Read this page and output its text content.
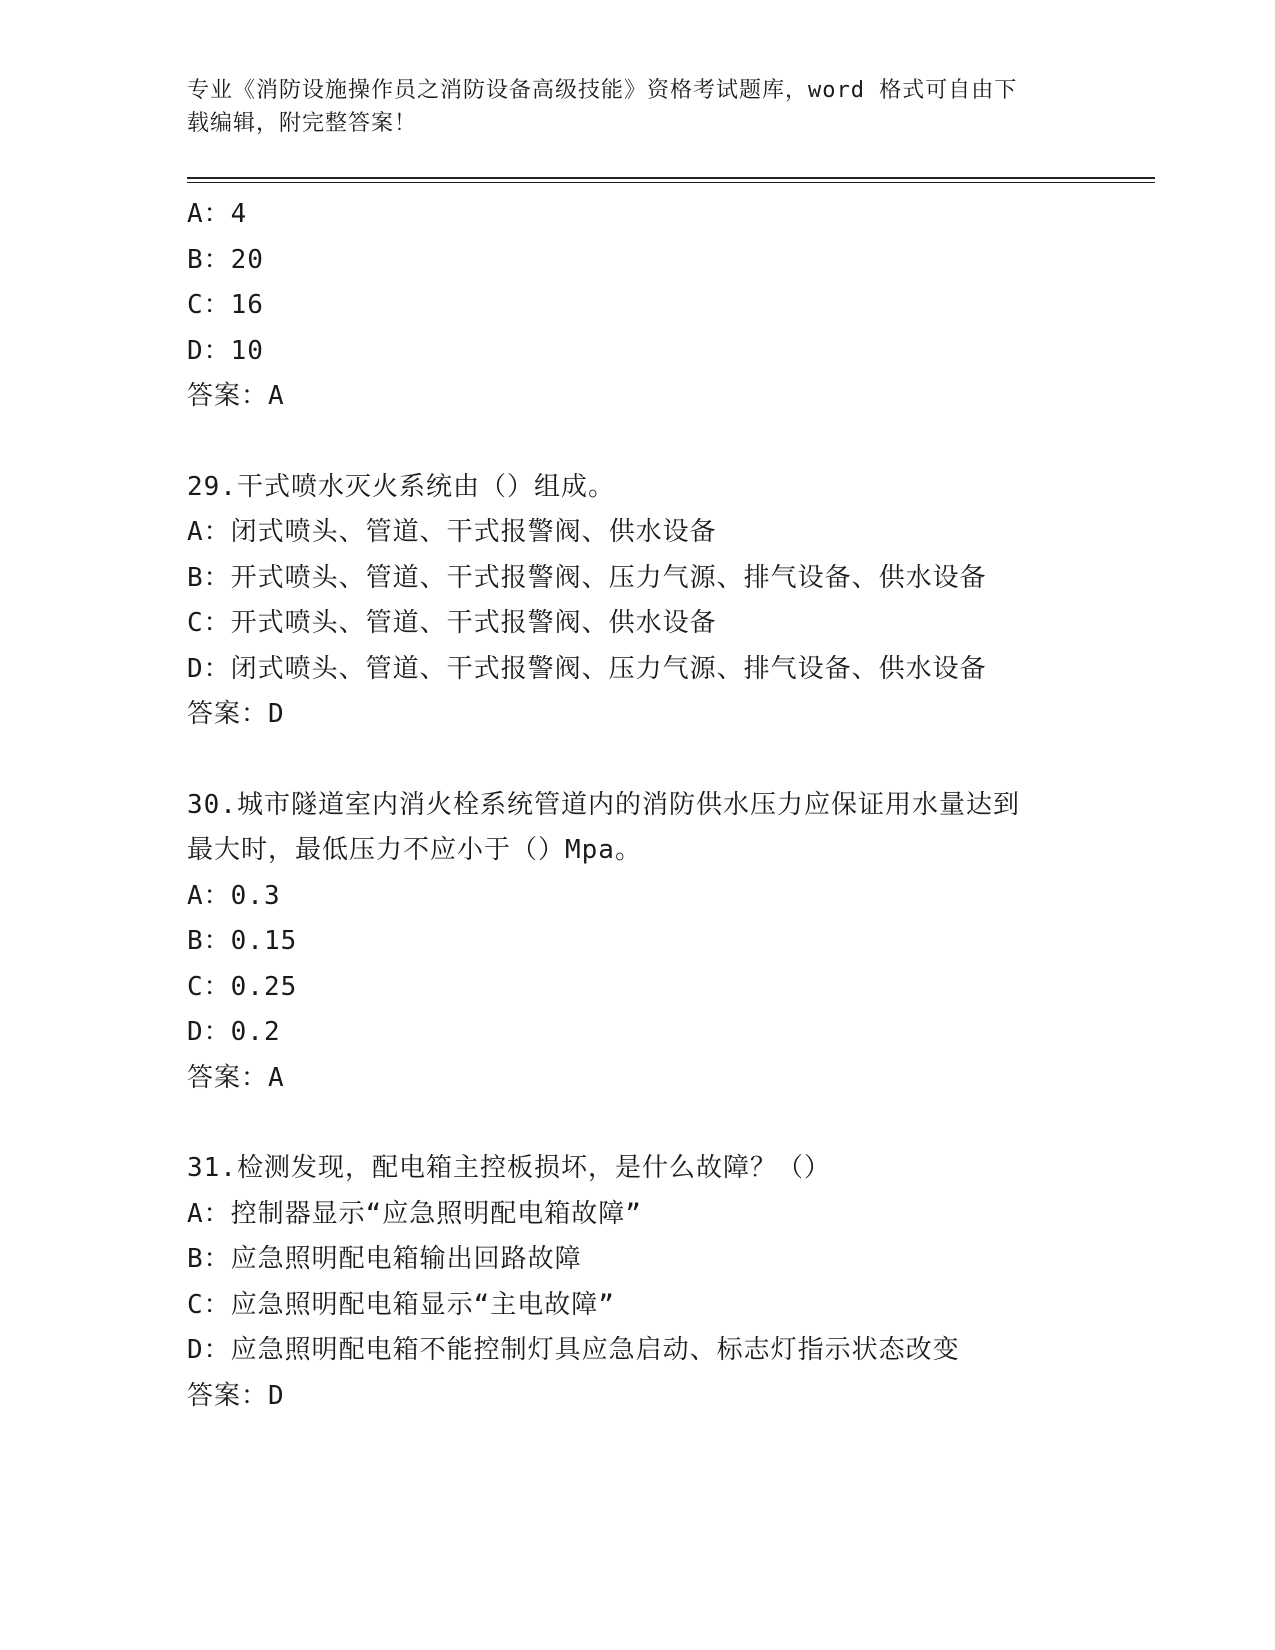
专业《消防设施操作员之消防设备高级技能》资格考试题库，word 格式可自由下
载编辑，附完整答案！
A：4
B：20
C：16
D：10
答案：A
29.干式喷水灭火系统由（）组成。
A：闭式喷头、管道、干式报警阀、供水设备
B：开式喷头、管道、干式报警阀、压力气源、排气设备、供水设备
C：开式喷头、管道、干式报警阀、供水设备
D：闭式喷头、管道、干式报警阀、压力气源、排气设备、供水设备
答案：D
30.城市隧道室内消火栓系统管道内的消防供水压力应保证用水量达到
最大时，最低压力不应小于（）Mpa。
A：0.3
B：0.15
C：0.25
D：0.2
答案：A
31.检测发现，配电箱主控板损坏，是什么故障？（）
A：控制器显示“应急照明配电箱故障”
B：应急照明配电箱输出回路故障
C：应急照明配电箱显示“主电故障”
D：应急照明配电箱不能控制灯具应急启动、标志灯指示状态改变
答案：D
